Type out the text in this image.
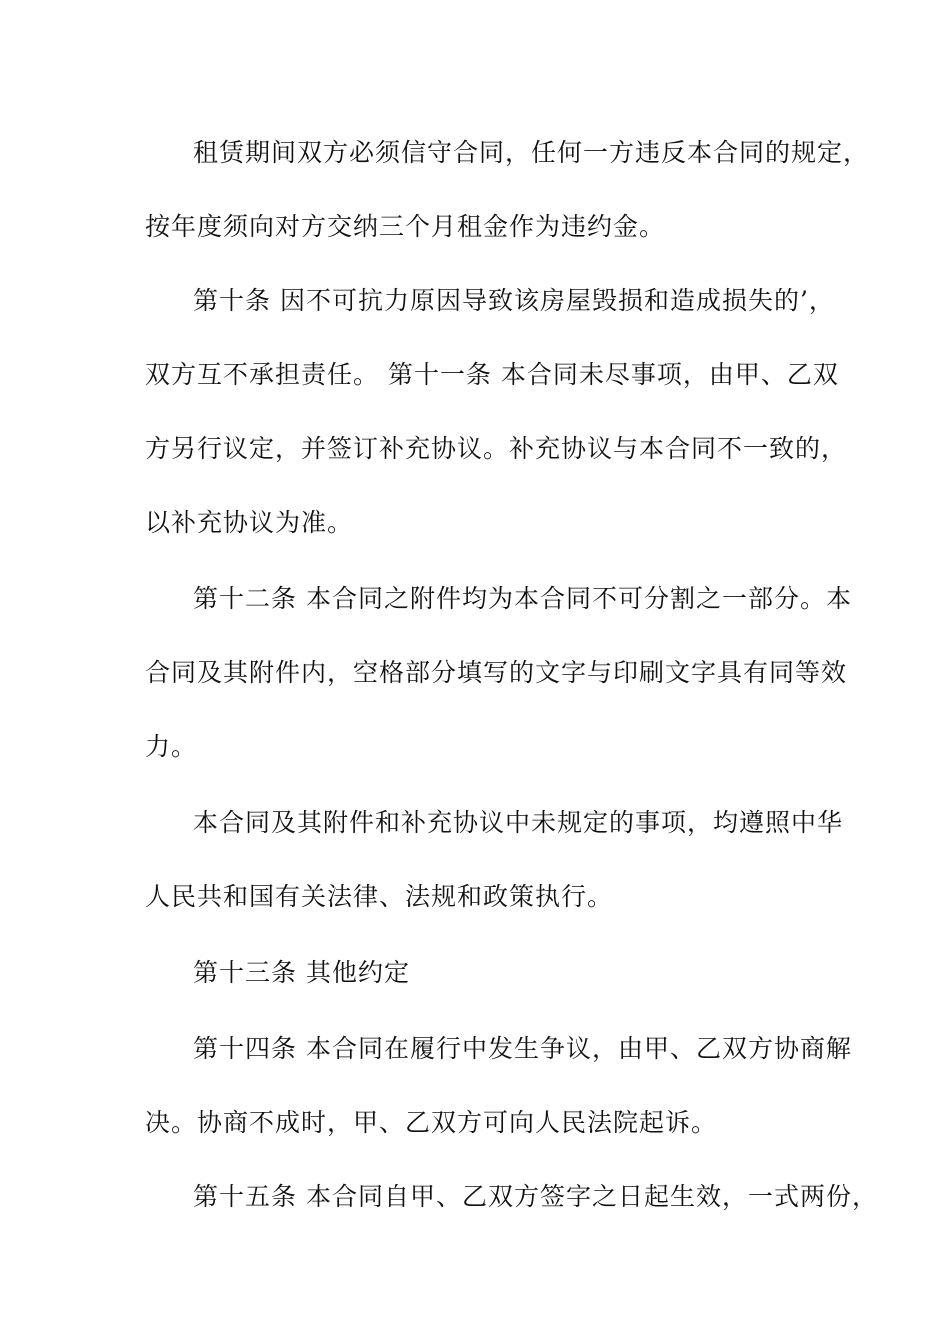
租赁期间双方必须信守合同，任何一方违反本合同的规定，
按年度须向对方交纳三个月租金作为违约金。
第十条 因不可抗力原因导致该房屋毁损和造成损失的’，
双方互不承担责任。 第十一条 本合同未尽事项，由甲、乙双
方另行议定，并签订补充协议。补充协议与本合同不一致的，
以补充协议为准。
第十二条 本合同之附件均为本合同不可分割之一部分。本
合同及其附件内，空格部分填写的文字与印刷文字具有同等效
力。
本合同及其附件和补充协议中未规定的事项，均遵照中华
人民共和国有关法律、法规和政策执行。
第十三条 其他约定
第十四条 本合同在履行中发生争议，由甲、乙双方协商解
决。协商不成时，甲、乙双方可向人民法院起诉。
第十五条 本合同自甲、乙双方签字之日起生效，一式两份，
